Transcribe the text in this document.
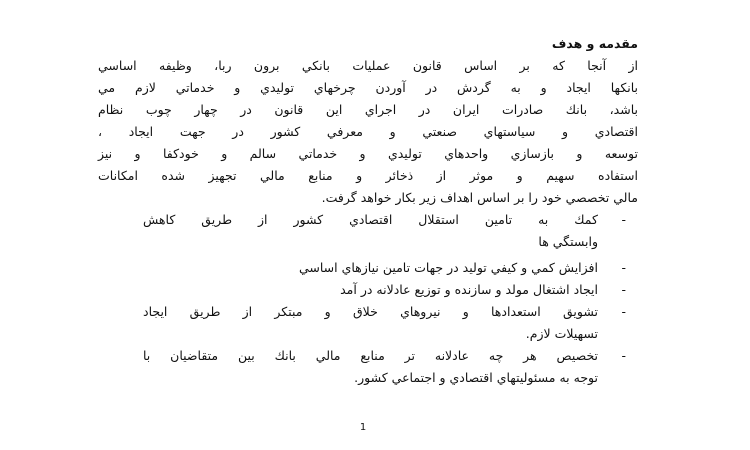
مقدمه و هدف
از آنجا كه بر اساس قانون عمليات بانكي برون ربا، وظيفه اساسي
بانكها ايجاد و به گردش در آوردن چرخهاي توليدي و خدماتي لازم مي
باشد، بانك صادرات ايران در اجراي اين قانون در چهار چوب نظام
اقتصادي و سياستهاي صنعتي و معرفي كشور در جهت ايجاد ،
توسعه و بازسازي واحدهاي توليدي و خدماتي سالم و خودكفا و نيز
استفاده سهيم و موثر از ذخائر و منابع مالي تجهيز شده امكانات
مالي تخصصي خود را بر اساس اهداف زير بكار خواهد گرفت.
-
كمك به تامين استقلال اقتصادي كشور از طريق كاهش
وابستگي ها
-
افزايش كمي و كيفي توليد در جهات تامين نيازهاي اساسي
-
ايجاد اشتغال مولد و سازنده و توزيع عادلانه در آمد
-
تشويق استعدادها و نيروهاي خلاق و مبتكر از طريق ايجاد
تسهيلات لازم.
-
تخصيص هر چه عادلانه تر منابع مالي بانك بين متقاضيان با
توجه به مسئوليتهاي اقتصادي و اجتماعي كشور.
1
